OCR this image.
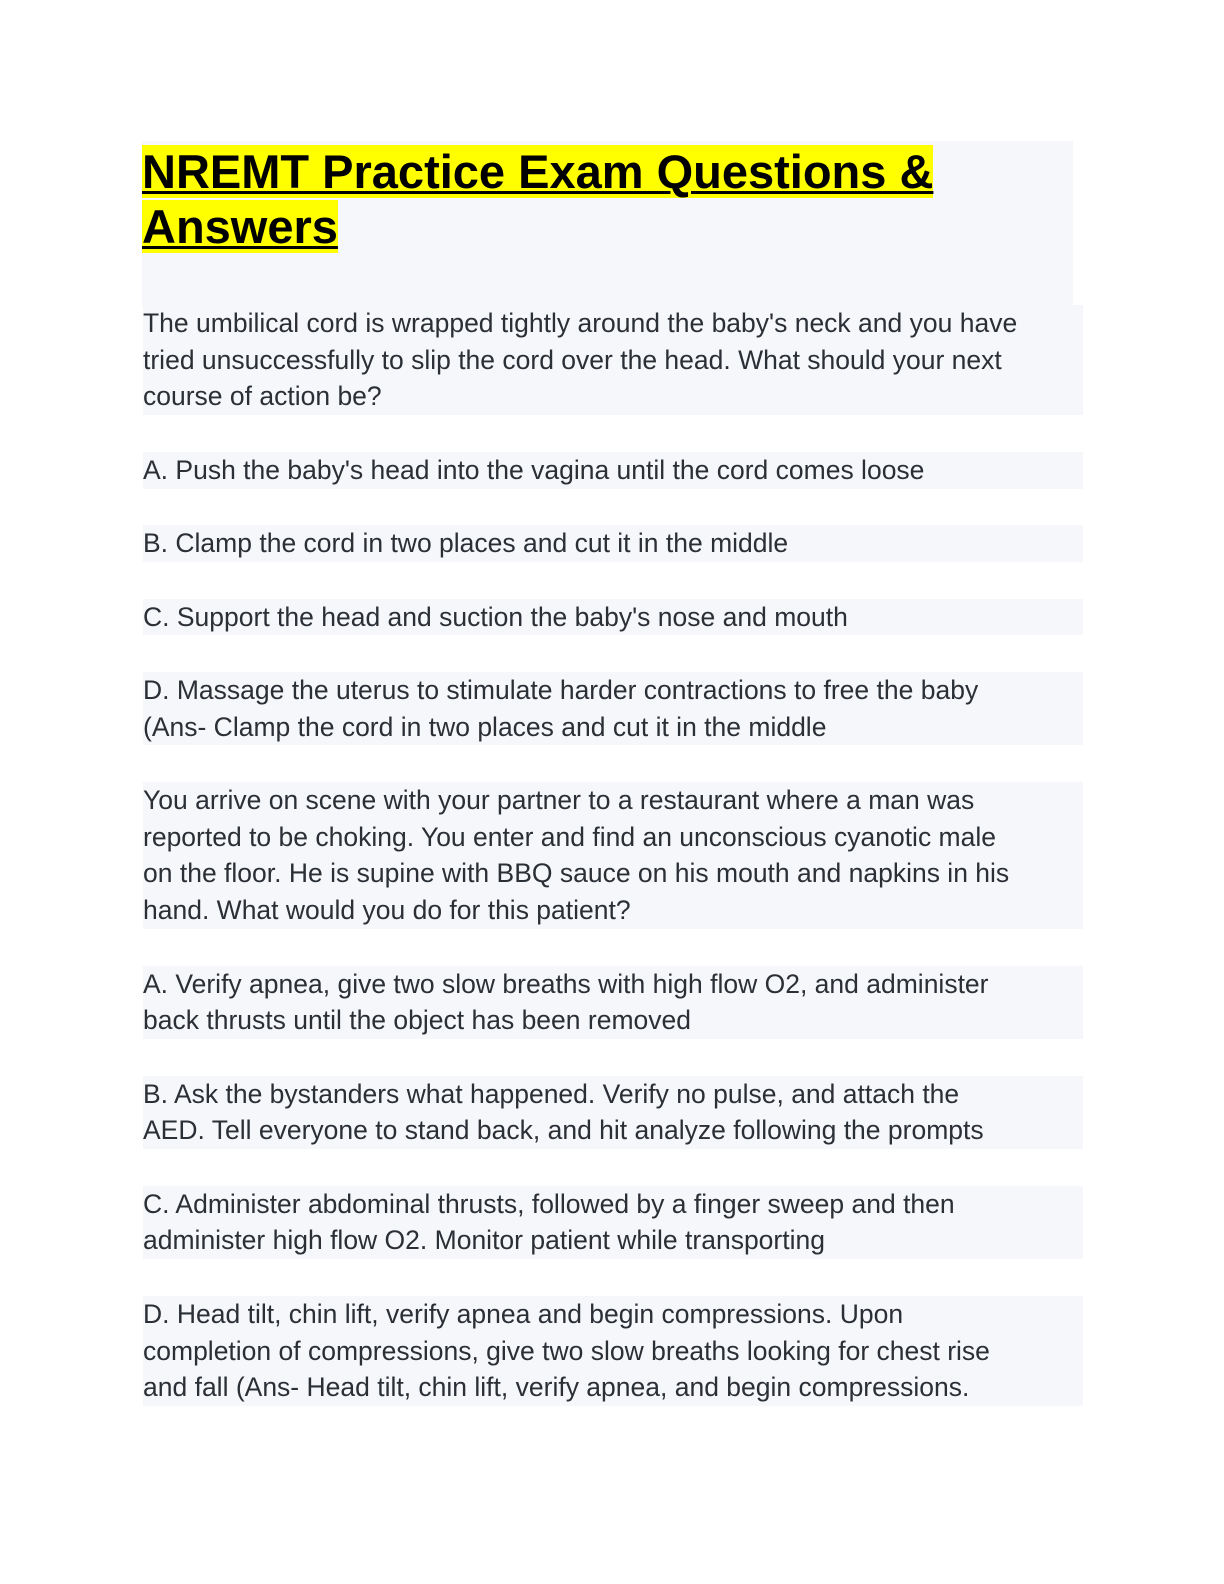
NREMT Practice Exam Questions &
Answers

The umbilical cord is wrapped tightly around the baby's neck and you have
tried unsuccessfully to slip the cord over the head. What should your next
course of action be?

A. Push the baby's head into the vagina until the cord comes loose

B. Clamp the cord in two places and cut it in the middle

C. Support the head and suction the baby's nose and mouth

D. Massage the uterus to stimulate harder contractions to free the baby
(Ans- Clamp the cord in two places and cut it in the middle

You arrive on scene with your partner to a restaurant where a man was
reported to be choking. You enter and find an unconscious cyanotic male
on the floor. He is supine with BBQ sauce on his mouth and napkins in his
hand. What would you do for this patient?

A. Verify apnea, give two slow breaths with high flow O2, and administer
back thrusts until the object has been removed

B. Ask the bystanders what happened. Verify no pulse, and attach the
AED. Tell everyone to stand back, and hit analyze following the prompts

C. Administer abdominal thrusts, followed by a finger sweep and then
administer high flow O2. Monitor patient while transporting

D. Head tilt, chin lift, verify apnea and begin compressions. Upon
completion of compressions, give two slow breaths looking for chest rise
and fall (Ans- Head tilt, chin lift, verify apnea, and begin compressions.
